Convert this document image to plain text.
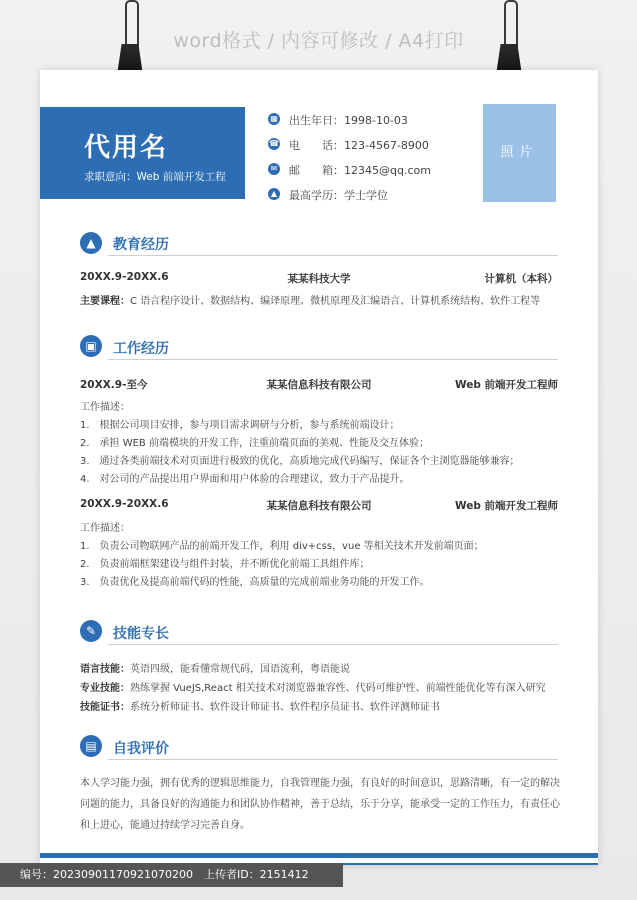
word格式 / 内容可修改 / A4打印
代用名
求职意向：Web 前端开发工程
▦ 出生年日：1998-10-03
☎ 电　　话：123-4567-8900
✉ 邮　　箱：12345@qq.com
▲ 最高学历：学士学位
照片
▲	教育经历
20XX.9-20XX.6	某某科技大学	计算机（本科）
主要课程：C 语言程序设计、数据结构、编译原理、微机原理及汇编语言、计算机系统结构、软件工程等
▣	工作经历
20XX.9-至今	某某信息科技有限公司	Web 前端开发工程师
工作描述：
1.　根据公司项目安排，参与项目需求调研与分析，参与系统前端设计；
2.　承担 WEB 前端模块的开发工作，注重前端页面的美观、性能及交互体验；
3.　通过各类前端技术对页面进行极致的优化，高质地完成代码编写，保证各个主浏览器能够兼容；
4.　对公司的产品提出用户界面和用户体验的合理建议，致力于产品提升。
20XX.9-20XX.6	某某信息科技有限公司	Web 前端开发工程师
工作描述：
1.　负责公司物联网产品的前端开发工作，利用 div+css，vue 等相关技术开发前端页面；
2.　负责前端框架建设与组件封装，并不断优化前端工具组件库；
3.　负责优化及提高前端代码的性能，高质量的完成前端业务功能的开发工作。
✎	技能专长
语言技能：英语四级，能看懂常规代码，国语流利，粤语能说
专业技能：熟练掌握 VueJS,React 相关技术对浏览器兼容性、代码可维护性、前端性能优化等有深入研究
技能证书：系统分析师证书、软件设计师证书、软件程序员证书、软件评测师证书
▤	自我评价
本人学习能力强，拥有优秀的逻辑思维能力，自我管理能力强，有良好的时间意识，思路清晰，有一定的解决问题的能力，具备良好的沟通能力和团队协作精神，善于总结，乐于分享，能承受一定的工作压力，有责任心和上进心，能通过持续学习完善自身。
编号：20230901170921070200　上传者ID：2151412
